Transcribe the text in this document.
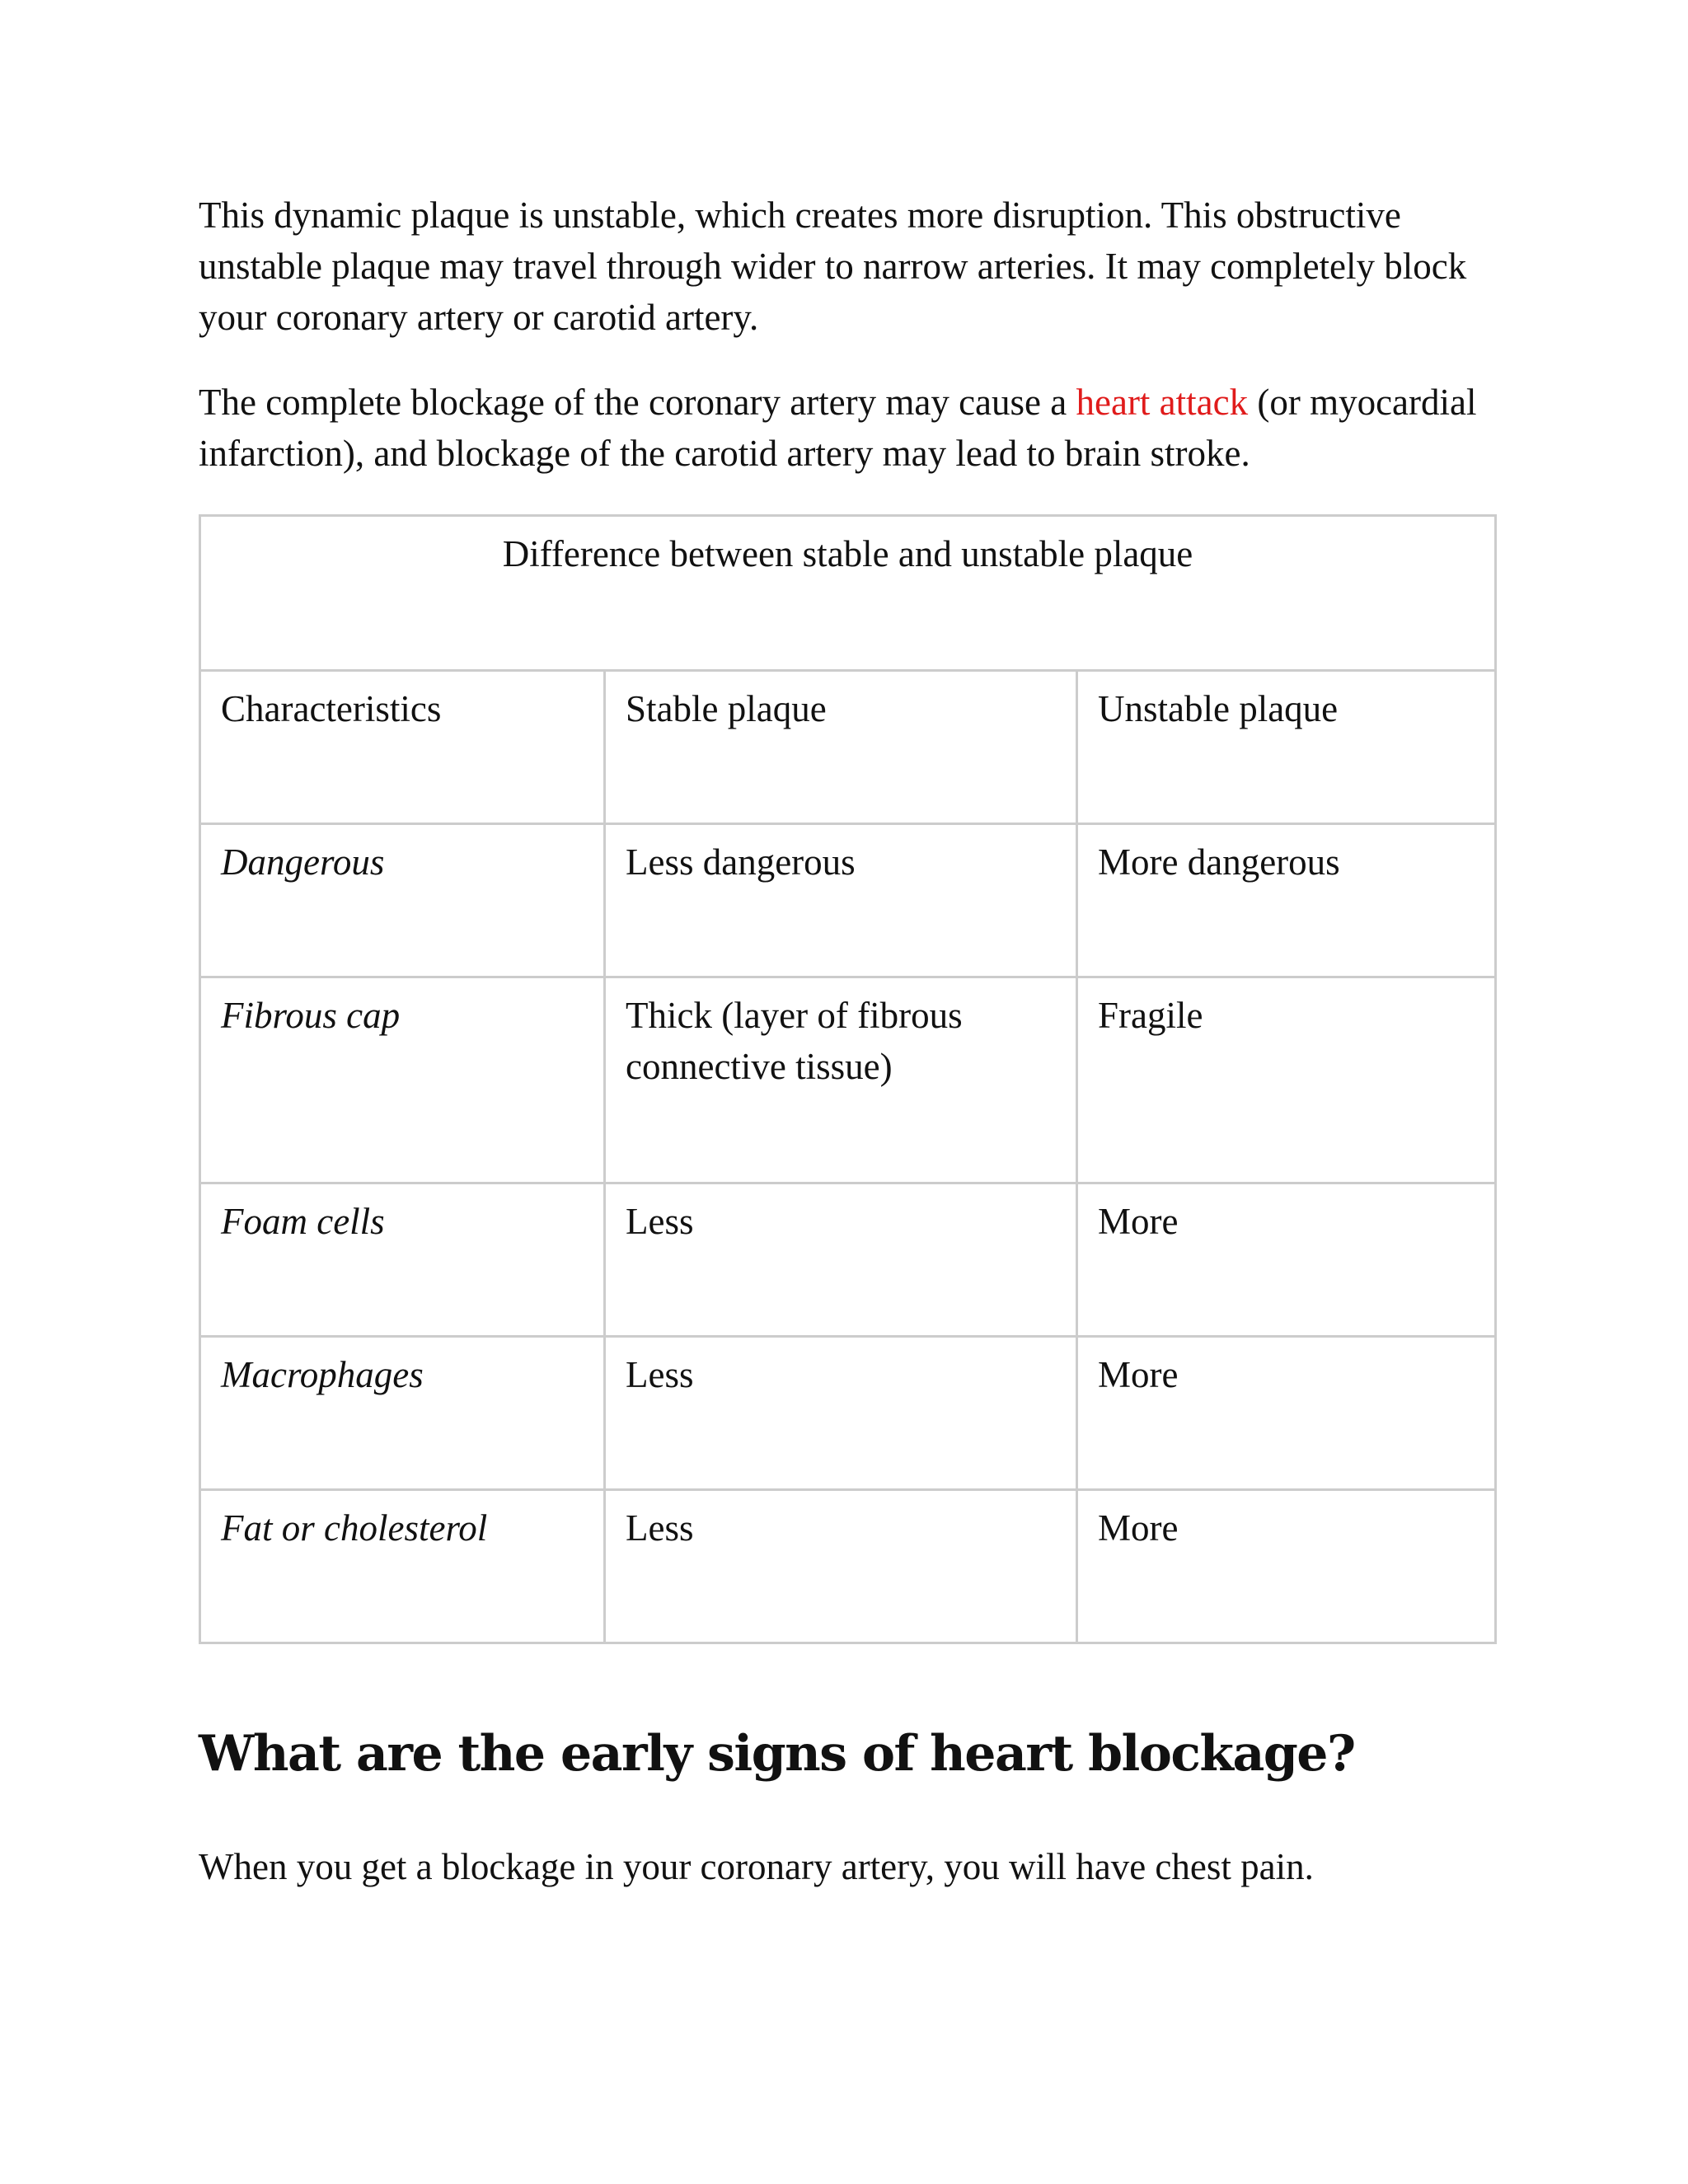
This dynamic plaque is unstable, which creates more disruption. This obstructive unstable plaque may travel through wider to narrow arteries. It may completely block your coronary artery or carotid artery.

The complete blockage of the coronary artery may cause a heart attack (or myocardial infarction), and blockage of the carotid artery may lead to brain stroke.

Difference between stable and unstable plaque		
Characteristics	Stable plaque	Unstable plaque
Dangerous	Less dangerous	More dangerous
Fibrous cap	Thick (layer of fibrous connective tissue)	Fragile
Foam cells	Less	More
Macrophages	Less	More
Fat or cholesterol	Less	More
What are the early signs of heart blockage?

When you get a blockage in your coronary artery, you will have chest pain.
